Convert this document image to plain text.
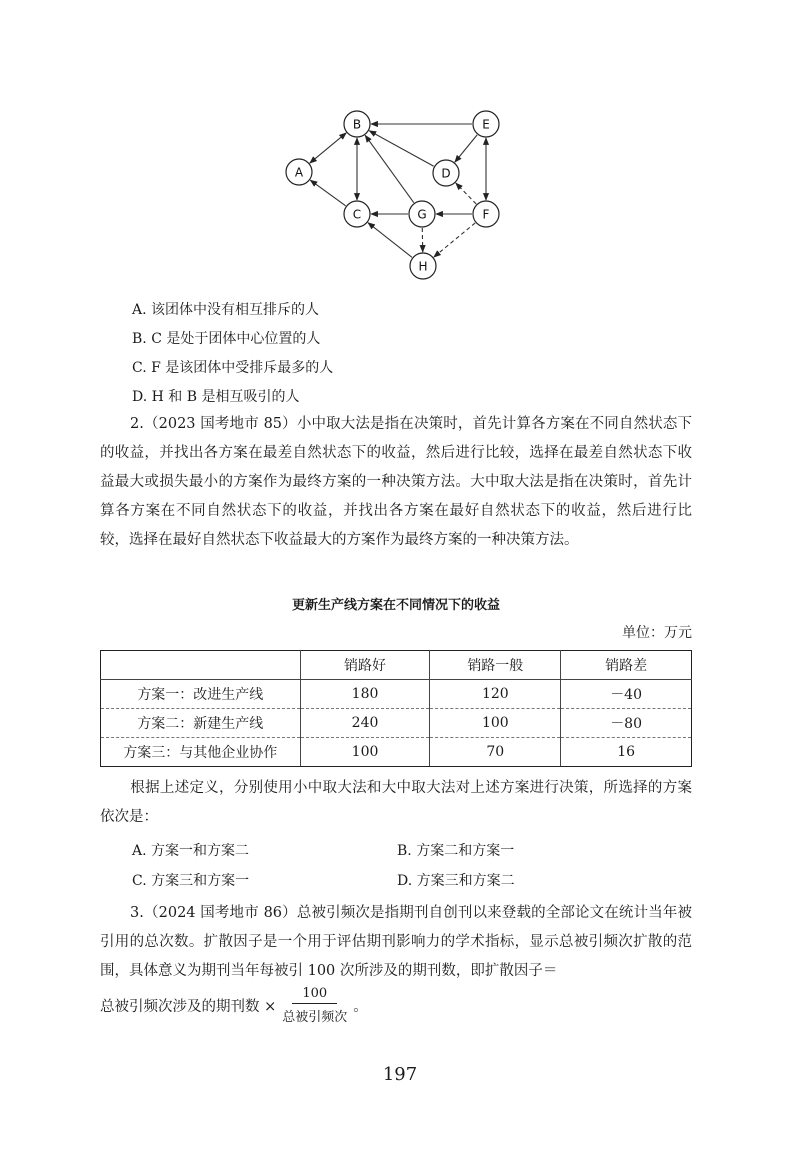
A
B
C
D
E
F
G
H
A. 该团体中没有相互排斥的人
B. C 是处于团体中心位置的人
C. F 是该团体中受排斥最多的人
D. H 和 B 是相互吸引的人
2.（2023 国考地市 85）小中取大法是指在决策时，首先计算各方案在不同自然状态下的收益，并找出各方案在最差自然状态下的收益，然后进行比较，选择在最差自然状态下收益最大或损失最小的方案作为最终方案的一种决策方法。大中取大法是指在决策时，首先计算各方案在不同自然状态下的收益，并找出各方案在最好自然状态下的收益，然后进行比较，选择在最好自然状态下收益最大的方案作为最终方案的一种决策方法。
更新生产线方案在不同情况下的收益
单位：万元
	销路好	销路一般	销路差
方案一：改进生产线	180	120	－40
方案二：新建生产线	240	100	－80
方案三：与其他企业协作	100	70	16
根据上述定义，分别使用小中取大法和大中取大法对上述方案进行决策，所选择的方案依次是：
A. 方案一和方案二	B. 方案二和方案一
C. 方案三和方案一	D. 方案三和方案二
3.（2024 国考地市 86）总被引频次是指期刊自创刊以来登载的全部论文在统计当年被引用的总次数。扩散因子是一个用于评估期刊影响力的学术指标，显示总被引频次扩散的范围，具体意义为期刊当年每被引 100 次所涉及的期刊数，即扩散因子＝
总被引频次涉及的期刊数 × $\frac{100}{\text{总被引频次}}$ 。
197
